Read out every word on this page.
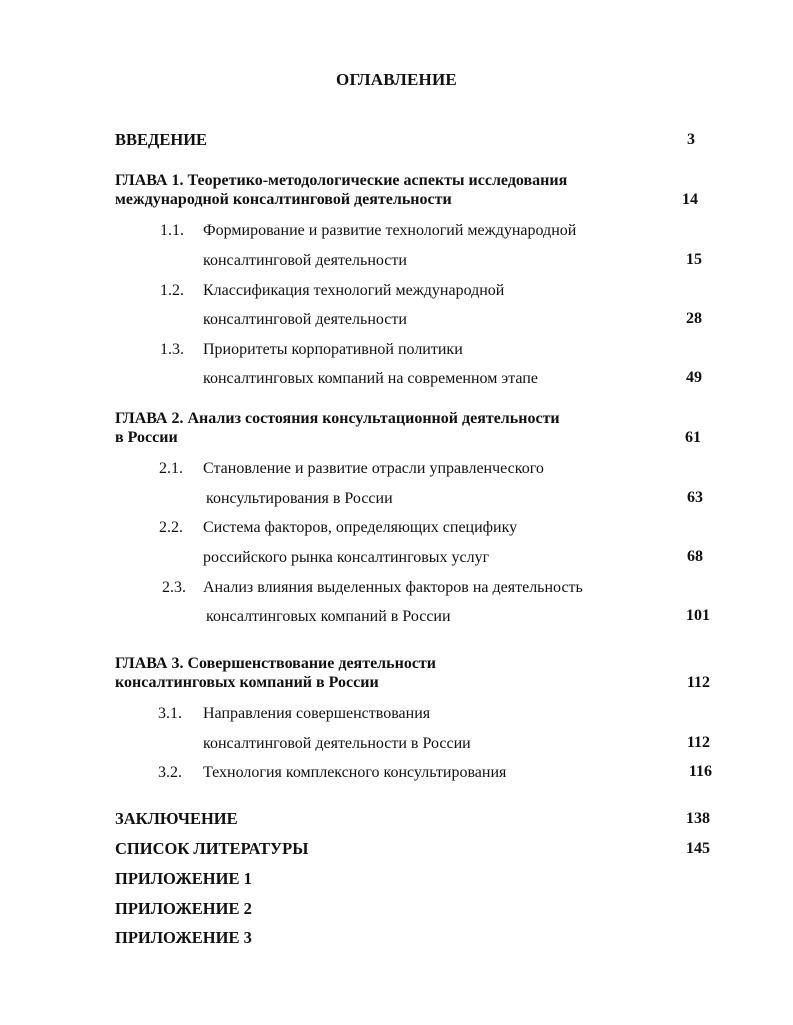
ОГЛАВЛЕНИЕ
ВВЕДЕНИЕ	3
ГЛАВА 1. Теоретико-методологические аспекты исследования
международной консалтинговой деятельности	14
1.1. Формирование и развитие технологий международной
консалтинговой деятельности	15
1.2. Классификация технологий международной
консалтинговой деятельности	28
1.3. Приоритеты корпоративной политики
консалтинговых компаний на современном этапе	49
ГЛАВА 2. Анализ состояния консультационной деятельности
в России	61
2.1. Становление и развитие отрасли управленческого
консультирования в России	63
2.2. Система факторов, определяющих специфику
российского рынка консалтинговых услуг	68
2.3. Анализ влияния выделенных факторов на деятельность
консалтинговых компаний в России	101
ГЛАВА 3. Совершенствование деятельности
консалтинговых компаний в России	112
3.1. Направления совершенствования
консалтинговой деятельности в России	112
3.2. Технология комплексного консультирования	116
ЗАКЛЮЧЕНИЕ	138
СПИСОК ЛИТЕРАТУРЫ	145
ПРИЛОЖЕНИЕ 1
ПРИЛОЖЕНИЕ 2
ПРИЛОЖЕНИЕ 3
